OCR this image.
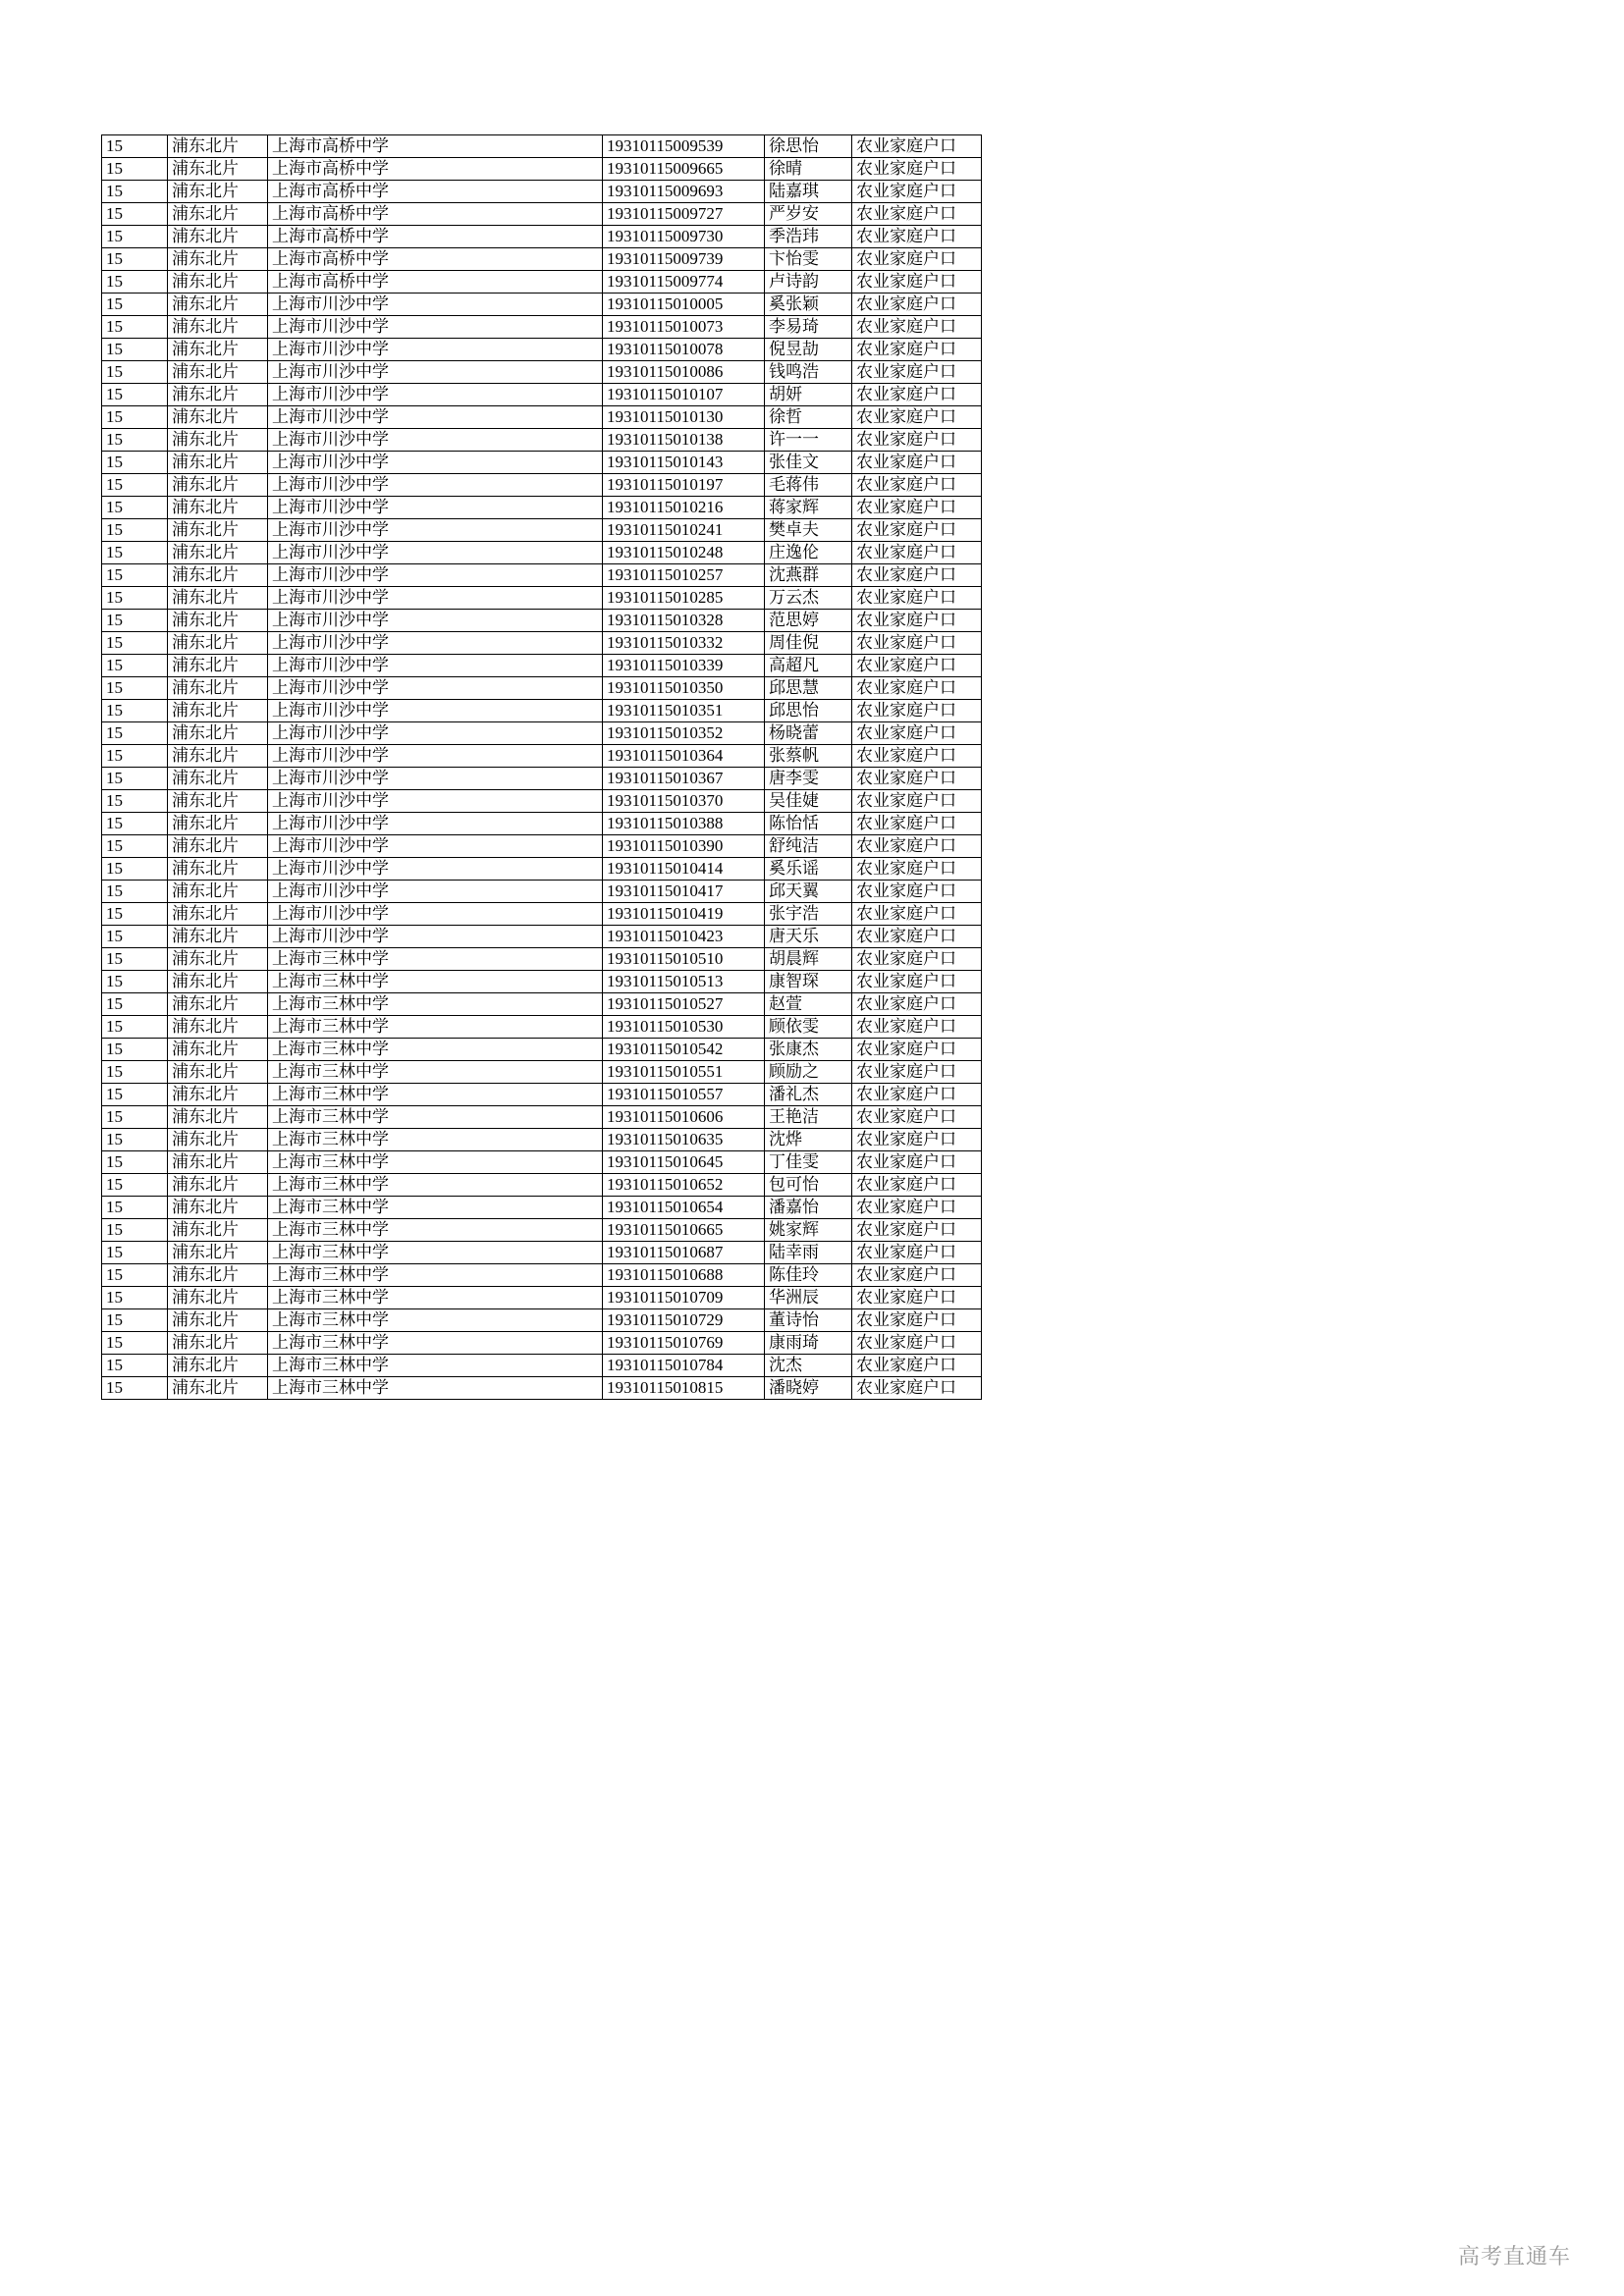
15	浦东北片	上海市高桥中学	19310115009539	徐思怡	农业家庭户口
15	浦东北片	上海市高桥中学	19310115009665	徐晴	农业家庭户口
15	浦东北片	上海市高桥中学	19310115009693	陆嘉琪	农业家庭户口
15	浦东北片	上海市高桥中学	19310115009727	严岁安	农业家庭户口
15	浦东北片	上海市高桥中学	19310115009730	季浩玮	农业家庭户口
15	浦东北片	上海市高桥中学	19310115009739	卞怡雯	农业家庭户口
15	浦东北片	上海市高桥中学	19310115009774	卢诗韵	农业家庭户口
15	浦东北片	上海市川沙中学	19310115010005	奚张颖	农业家庭户口
15	浦东北片	上海市川沙中学	19310115010073	李易琦	农业家庭户口
15	浦东北片	上海市川沙中学	19310115010078	倪昱劼	农业家庭户口
15	浦东北片	上海市川沙中学	19310115010086	钱鸣浩	农业家庭户口
15	浦东北片	上海市川沙中学	19310115010107	胡妍	农业家庭户口
15	浦东北片	上海市川沙中学	19310115010130	徐哲	农业家庭户口
15	浦东北片	上海市川沙中学	19310115010138	许一一	农业家庭户口
15	浦东北片	上海市川沙中学	19310115010143	张佳文	农业家庭户口
15	浦东北片	上海市川沙中学	19310115010197	毛蒋伟	农业家庭户口
15	浦东北片	上海市川沙中学	19310115010216	蒋家辉	农业家庭户口
15	浦东北片	上海市川沙中学	19310115010241	樊卓夫	农业家庭户口
15	浦东北片	上海市川沙中学	19310115010248	庄逸伦	农业家庭户口
15	浦东北片	上海市川沙中学	19310115010257	沈燕群	农业家庭户口
15	浦东北片	上海市川沙中学	19310115010285	万云杰	农业家庭户口
15	浦东北片	上海市川沙中学	19310115010328	范思婷	农业家庭户口
15	浦东北片	上海市川沙中学	19310115010332	周佳倪	农业家庭户口
15	浦东北片	上海市川沙中学	19310115010339	高超凡	农业家庭户口
15	浦东北片	上海市川沙中学	19310115010350	邱思慧	农业家庭户口
15	浦东北片	上海市川沙中学	19310115010351	邱思怡	农业家庭户口
15	浦东北片	上海市川沙中学	19310115010352	杨晓蕾	农业家庭户口
15	浦东北片	上海市川沙中学	19310115010364	张蔡帆	农业家庭户口
15	浦东北片	上海市川沙中学	19310115010367	唐李雯	农业家庭户口
15	浦东北片	上海市川沙中学	19310115010370	吴佳婕	农业家庭户口
15	浦东北片	上海市川沙中学	19310115010388	陈怡恬	农业家庭户口
15	浦东北片	上海市川沙中学	19310115010390	舒纯洁	农业家庭户口
15	浦东北片	上海市川沙中学	19310115010414	奚乐谣	农业家庭户口
15	浦东北片	上海市川沙中学	19310115010417	邱天翼	农业家庭户口
15	浦东北片	上海市川沙中学	19310115010419	张宇浩	农业家庭户口
15	浦东北片	上海市川沙中学	19310115010423	唐天乐	农业家庭户口
15	浦东北片	上海市三林中学	19310115010510	胡晨辉	农业家庭户口
15	浦东北片	上海市三林中学	19310115010513	康智琛	农业家庭户口
15	浦东北片	上海市三林中学	19310115010527	赵萱	农业家庭户口
15	浦东北片	上海市三林中学	19310115010530	顾依雯	农业家庭户口
15	浦东北片	上海市三林中学	19310115010542	张康杰	农业家庭户口
15	浦东北片	上海市三林中学	19310115010551	顾励之	农业家庭户口
15	浦东北片	上海市三林中学	19310115010557	潘礼杰	农业家庭户口
15	浦东北片	上海市三林中学	19310115010606	王艳洁	农业家庭户口
15	浦东北片	上海市三林中学	19310115010635	沈烨	农业家庭户口
15	浦东北片	上海市三林中学	19310115010645	丁佳雯	农业家庭户口
15	浦东北片	上海市三林中学	19310115010652	包可怡	农业家庭户口
15	浦东北片	上海市三林中学	19310115010654	潘嘉怡	农业家庭户口
15	浦东北片	上海市三林中学	19310115010665	姚家辉	农业家庭户口
15	浦东北片	上海市三林中学	19310115010687	陆幸雨	农业家庭户口
15	浦东北片	上海市三林中学	19310115010688	陈佳玲	农业家庭户口
15	浦东北片	上海市三林中学	19310115010709	华洲辰	农业家庭户口
15	浦东北片	上海市三林中学	19310115010729	董诗怡	农业家庭户口
15	浦东北片	上海市三林中学	19310115010769	康雨琦	农业家庭户口
15	浦东北片	上海市三林中学	19310115010784	沈杰	农业家庭户口
15	浦东北片	上海市三林中学	19310115010815	潘晓婷	农业家庭户口
高考直通车
